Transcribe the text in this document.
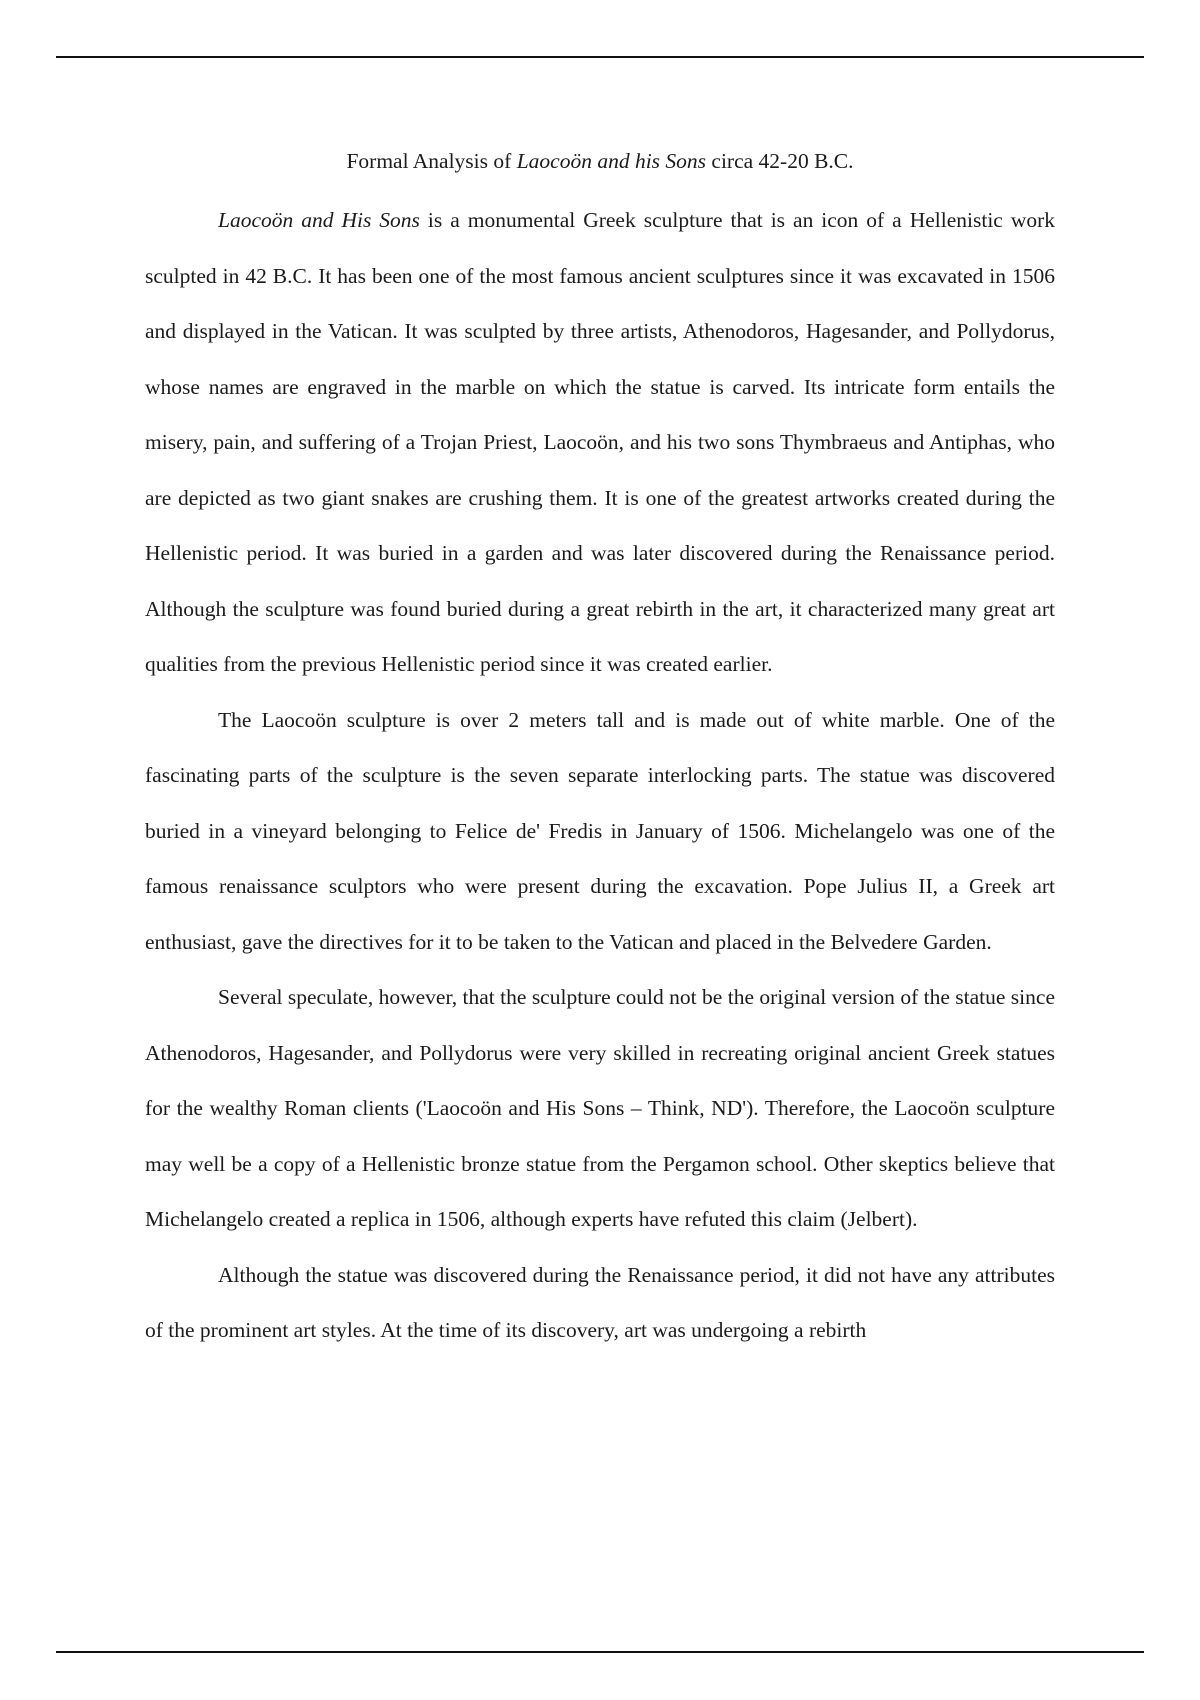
Formal Analysis of Laocoön and his Sons circa 42-20 B.C.

Laocoön and His Sons is a monumental Greek sculpture that is an icon of a Hellenistic work sculpted in 42 B.C. It has been one of the most famous ancient sculptures since it was excavated in 1506 and displayed in the Vatican. It was sculpted by three artists, Athenodoros, Hagesander, and Pollydorus, whose names are engraved in the marble on which the statue is carved. Its intricate form entails the misery, pain, and suffering of a Trojan Priest, Laocoön, and his two sons Thymbraeus and Antiphas, who are depicted as two giant snakes are crushing them. It is one of the greatest artworks created during the Hellenistic period. It was buried in a garden and was later discovered during the Renaissance period. Although the sculpture was found buried during a great rebirth in the art, it characterized many great art qualities from the previous Hellenistic period since it was created earlier.

The Laocoön sculpture is over 2 meters tall and is made out of white marble. One of the fascinating parts of the sculpture is the seven separate interlocking parts. The statue was discovered buried in a vineyard belonging to Felice de' Fredis in January of 1506. Michelangelo was one of the famous renaissance sculptors who were present during the excavation. Pope Julius II, a Greek art enthusiast, gave the directives for it to be taken to the Vatican and placed in the Belvedere Garden.

Several speculate, however, that the sculpture could not be the original version of the statue since Athenodoros, Hagesander, and Pollydorus were very skilled in recreating original ancient Greek statues for the wealthy Roman clients ('Laocoön and His Sons – Think, ND'). Therefore, the Laocoön sculpture may well be a copy of a Hellenistic bronze statue from the Pergamon school. Other skeptics believe that Michelangelo created a replica in 1506, although experts have refuted this claim (Jelbert).

Although the statue was discovered during the Renaissance period, it did not have any attributes of the prominent art styles. At the time of its discovery, art was undergoing a rebirth
